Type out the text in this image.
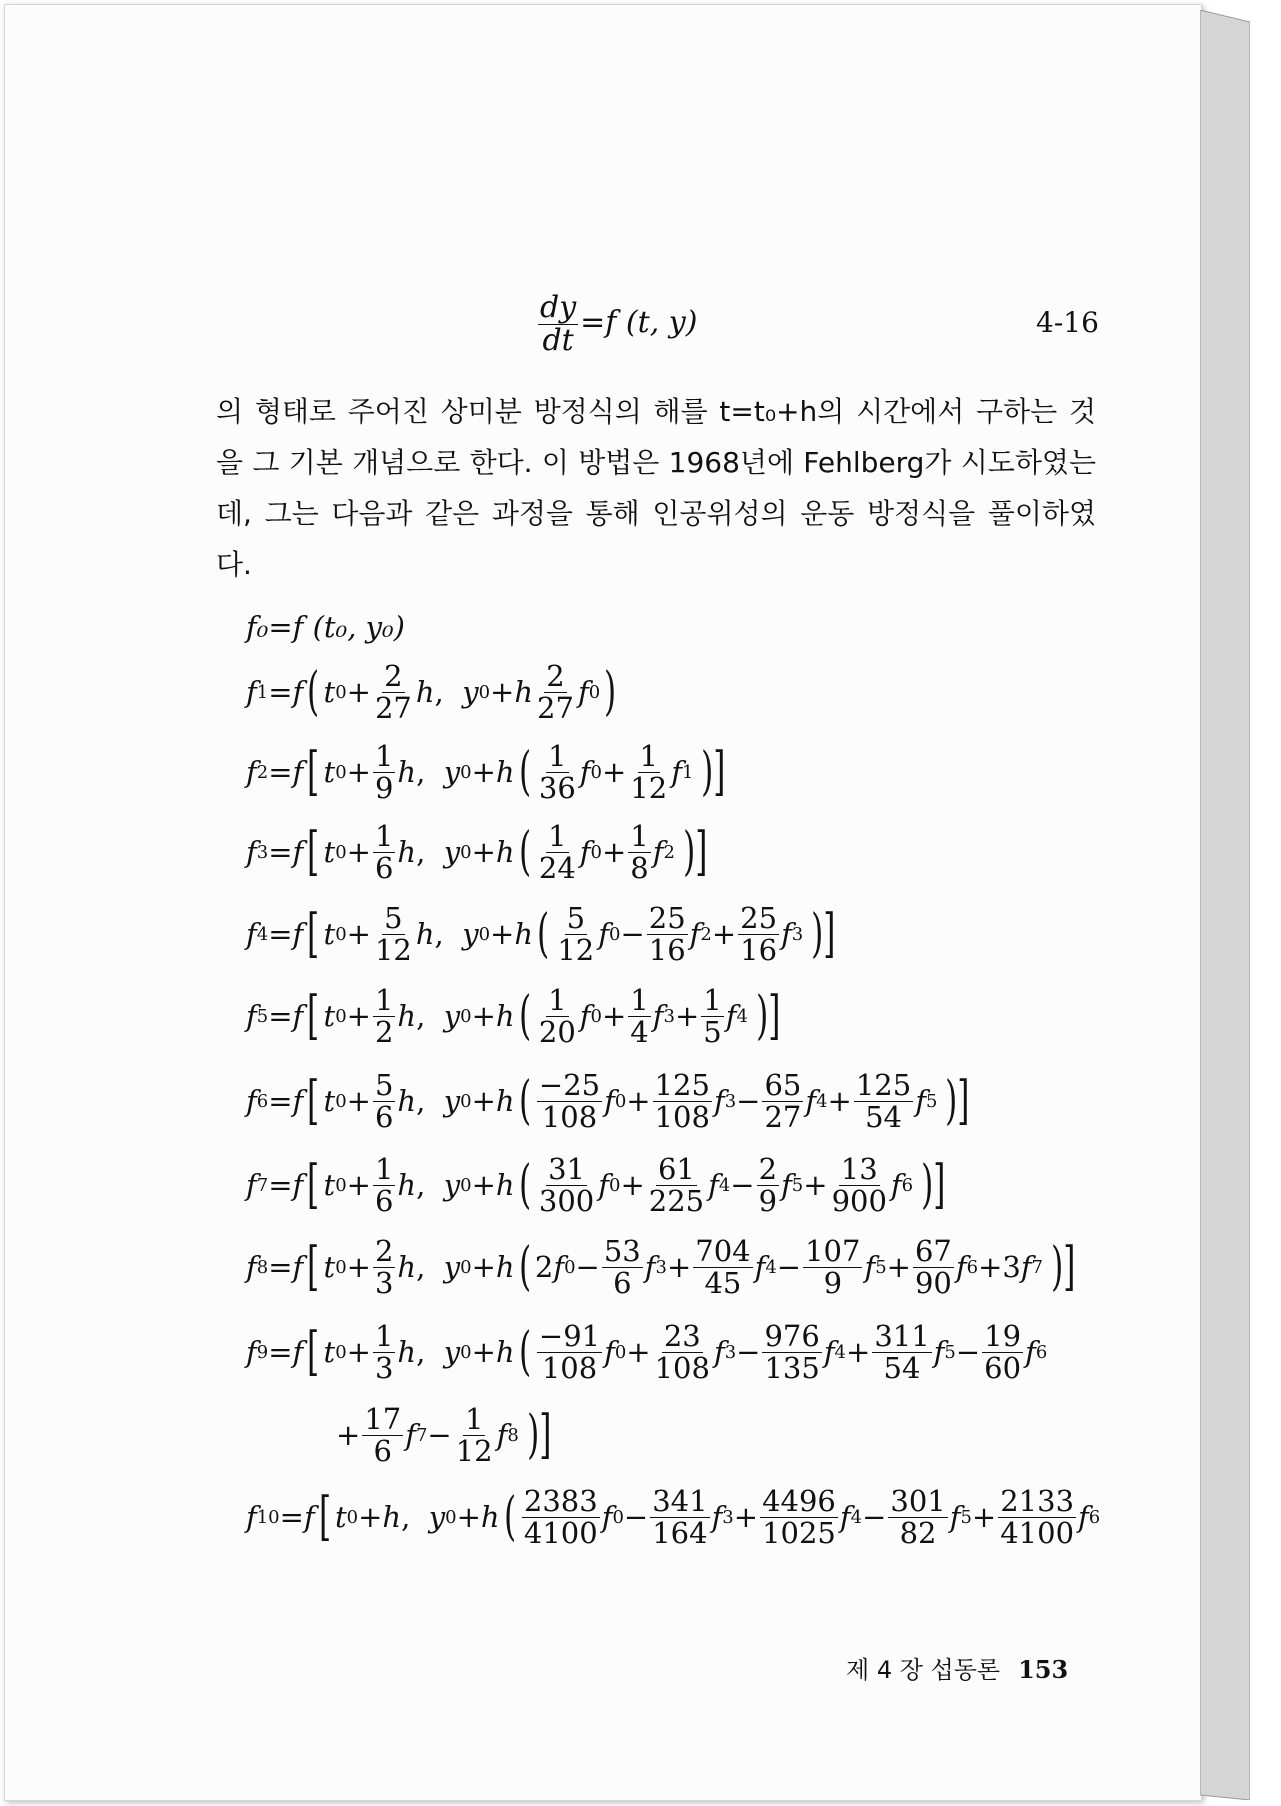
$\frac{dy}{dt} =f$ (t, y)	4-16
의 형태로 주어진 상미분 방정식의 해를 t=t₀+h의 시간에서 구하는 것을 그 기본 개념으로 한다. 이 방법은 1968년에 Fehlberg가 시도하였는데, 그는 다음과 같은 과정을 통해 인공위성의 운동 방정식을 풀이하였다.
f₀=f (t₀, y₀)
f 1 = f ( t $0 + \frac{2}{27}$ h , y 0 + h $\frac{2}{27}$ f 0 )
f 2 = f [ t $0 + \frac{1}{9}$ h , y 0 + h ( $\frac{1}{36}$ f $0 + \frac{1}{12}$ f 1 )]
f 3 = f [ t $0 + \frac{1}{6}$ h , y 0 + h ( $\frac{1}{24}$ f $0 + \frac{1}{8}$ f 2 )]
f 4 = f [ t $0 + \frac{5}{12}$ h , y 0 + h ( $\frac{5}{12}$ f $0 - \frac{25}{16}$ f $2 + \frac{25}{16}$ f 3 )]
f 5 = f [ t $0 + \frac{1}{2}$ h , y 0 + h ( $\frac{1}{20}$ f $0 + \frac{1}{4}$ f $3 + \frac{1}{5}$ f 4 )]
f 6 = f [ t $0 + \frac{5}{6}$ h , y 0 + h ( $\frac{-25}{108}$ f $0 + \frac{125}{108}$ f $3 - \frac{65}{27}$ f $4 + \frac{125}{54}$ f 5 )]
f 7 = f [ t $0 + \frac{1}{6}$ h , y 0 + h ( $\frac{31}{300}$ f $0 + \frac{61}{225}$ f $4 - \frac{2}{9}$ f $5 + \frac{13}{900}$ f 6 )]
f 8 = f [ t $0 + \frac{2}{3}$ h , y 0 + h ( 2 f $0 - \frac{53}{6}$ f $3 + \frac{704}{45}$ f $4 - \frac{107}{9}$ f $5 + \frac{67}{90}$ f 6 +3 f 7 )]
f 9 = f [ t $0 + \frac{1}{3}$ h , y 0 + h ( $\frac{-91}{108}$ f $0 + \frac{23}{108}$ f $3 - \frac{976}{135}$ f $4 + \frac{311}{54}$ f $5 - \frac{19}{60}$ f 6
+ $\frac{17}{6}$ f $7 - \frac{1}{12}$ f 8 )]
f 10 = f [ t 0 + h , y 0 + h ( $\frac{2383}{4100}$ f $0 - \frac{341}{164}$ f $3 + \frac{4496}{1025}$ f $4 - \frac{301}{82}$ f $5 + \frac{2133}{4100}$ f 6
제 4 장 섭동론 153
